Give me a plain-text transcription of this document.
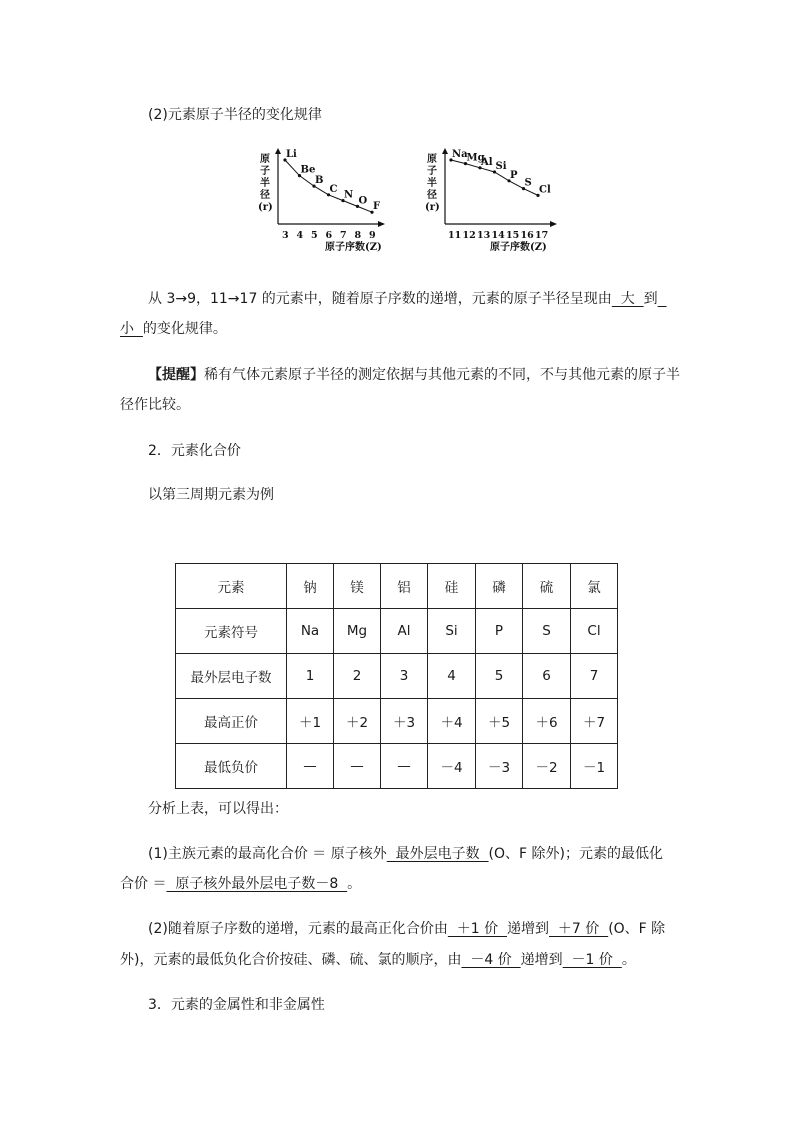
(2)元素原子半径的变化规律
原
子
半
径
(r)
Li
3
Be
4
B
5
C
6
N
7
O
8
F
9
原子序数(Z)
原
子
半
径
(r)
Na
11
Mg
12
Al
13
Si
14
P
15
S
16
Cl
17
原子序数(Z)
从 3→9，11→17 的元素中，随着原子序数的递增，元素的原子半径呈现由  大  到
小  的变化规律。
【提醒】稀有气体元素原子半径的测定依据与其他元素的不同，不与其他元素的原子半
径作比较。
2．元素化合价
以第三周期元素为例
元素	钠	镁	铝	硅	磷	硫	氯
元素符号	Na	Mg	Al	Si	P	S	Cl
最外层电子数	1	2	3	4	5	6	7
最高正价	＋1	＋2	＋3	＋4	＋5	＋6	＋7
最低负价	—	—	—	－4	－3	－2	－1
分析上表，可以得出：
(1)主族元素的最高化合价 ＝ 原子核外  最外层电子数  (O、F 除外)；元素的最低化
合价 ＝  原子核外最外层电子数－8  。
(2)随着原子序数的递增，元素的最高正化合价由  ＋1 价  递增到  ＋7 价  (O、F 除
外)，元素的最低负化合价按硅、磷、硫、氯的顺序，由  －4 价  递增到  －1 价  。
3．元素的金属性和非金属性
